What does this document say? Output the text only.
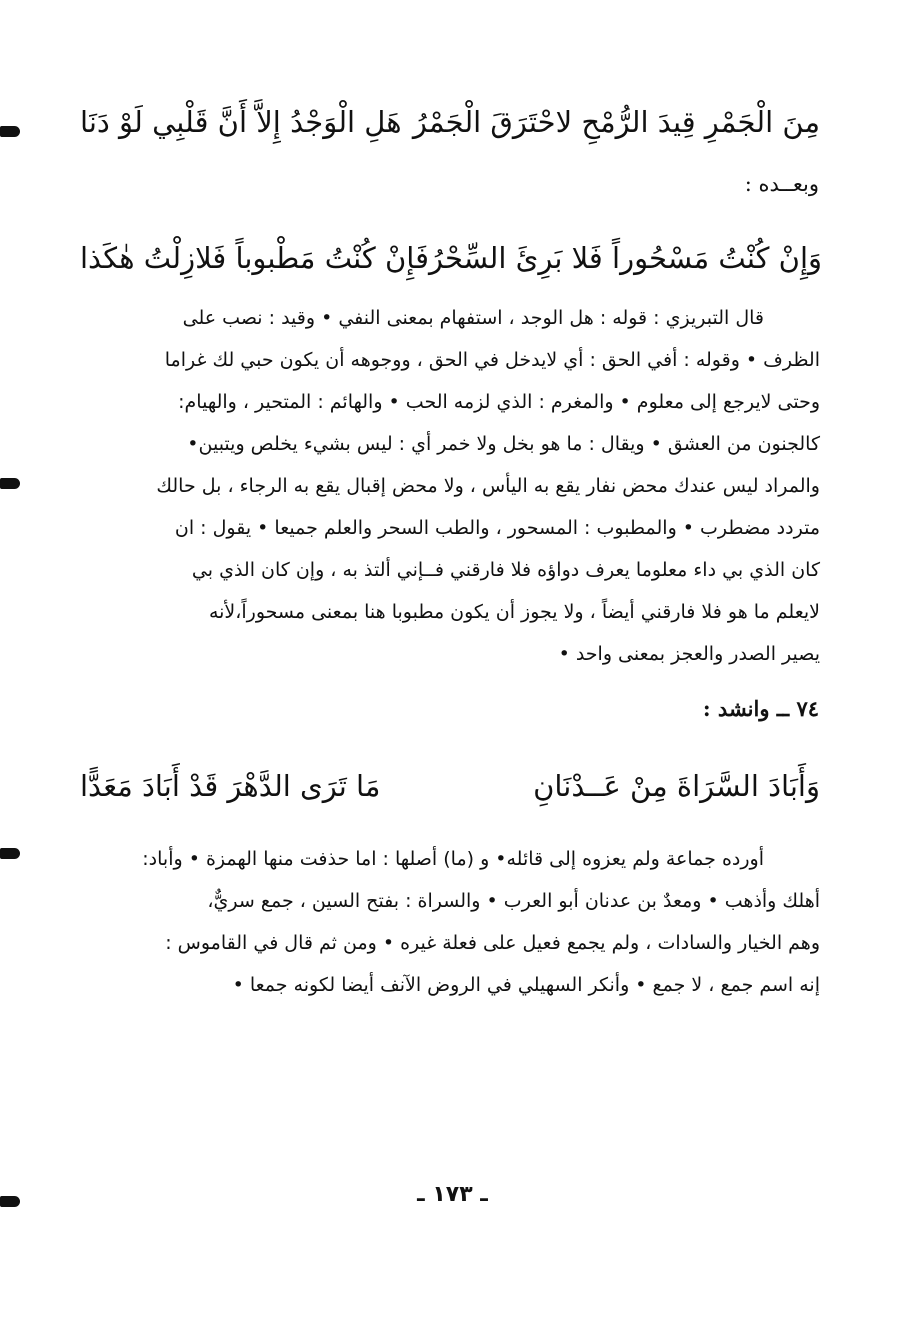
هَلِ الْوَجْدُ إِلاَّ أَنَّ قَلْبِي لَوْ دَنَا مِنَ الْجَمْرِ قِيدَ الرُّمْحِ لاحْتَرَقَ الْجَمْرُ
وبعــده :
فَإِنْ كُنْتُ مَطْبوباً فَلازِلْتُ هٰكَذا وَإِنْ كُنْتُ مَسْحُوراً فَلا بَرِئَ السِّحْرُ
قال التبريزي : قوله : هل الوجد ، استفهام بمعنى النفي • وقيد : نصب على
الظرف • وقوله : أفي الحق : أي لايدخل في الحق ، ووجوهه أن يكون حبي لك غراما
وحتى لايرجع إلى معلوم • والمغرم : الذي لزمه الحب • والهائم : المتحير ، والهيام:
كالجنون من العشق • ويقال : ما هو بخل ولا خمر أي : ليس بشيء يخلص ويتبين•
والمراد ليس عندك محض نفار يقع به اليأس ، ولا محض إقبال يقع به الرجاء ، بل حالك
متردد مضطرب • والمطبوب : المسحور ، والطب السحر والعلم جميعا • يقول : ان
كان الذي بي داء معلوما يعرف دواؤه فلا فارقني فــإني ألتذ به ، وإن كان الذي بي
لايعلم ما هو فلا فارقني أيضاً ، ولا يجوز أن يكون مطبوبا هنا بمعنى مسحوراً،لأنه
يصير الصدر والعجز بمعنى واحد •
٧٤ ــ وانشد :
مَا تَرَى الدَّهْرَ قَدْ أَبَادَ مَعَدًّا	وَأَبَادَ السَّرَاةَ مِنْ عَــدْنَانِ
أورده جماعة ولم يعزوه إلى قائله• و (ما) أصلها : اما حذفت منها الهمزة • وأباد:
أهلك وأذهب • ومعدٌ بن عدنان أبو العرب • والسراة : بفتح السين ، جمع سريٌّ،
وهم الخيار والسادات ، ولم يجمع فعيل على فعلة غيره • ومن ثم قال في القاموس :
إنه اسم جمع ، لا جمع • وأنكر السهيلي في الروض الآنف أيضا لكونه جمعا •
ـ ١٧٣ ـ
